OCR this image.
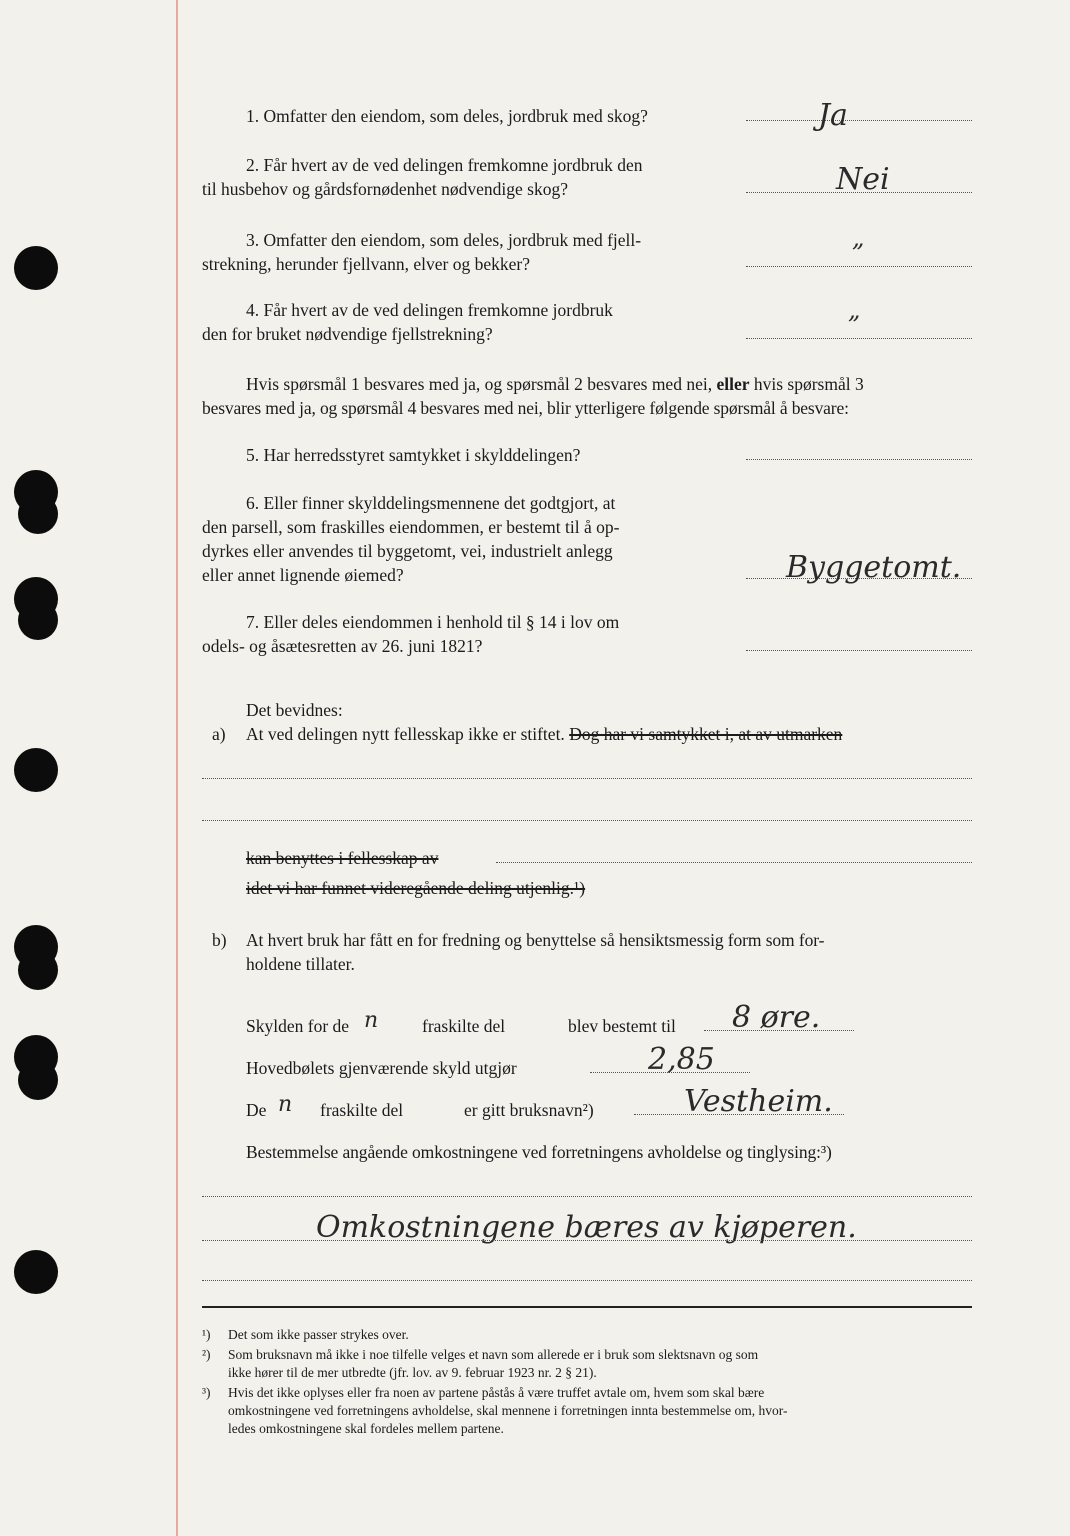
1. Omfatter den eiendom, som deles, jordbruk med skog?	Ja
2. Får hvert av de ved delingen fremkomne jordbruk den
til husbehov og gårdsfornødenhet nødvendige skog?	Nei
3. Omfatter den eiendom, som deles, jordbruk med fjell-
strekning, herunder fjellvann, elver og bekker?
„
4. Får hvert av de ved delingen fremkomne jordbruk
den for bruket nødvendige fjellstrekning?
„
Hvis spørsmål 1 besvares med ja, og spørsmål 2 besvares med nei, eller hvis spørsmål 3
besvares med ja, og spørsmål 4 besvares med nei, blir ytterligere følgende spørsmål å besvare:
5. Har herredsstyret samtykket i skylddelingen?
6. Eller finner skylddelingsmennene det godtgjort, at
den parsell, som fraskilles eiendommen, er bestemt til å op-
dyrkes eller anvendes til byggetomt, vei, industrielt anlegg
eller annet lignende øiemed?	Byggetomt.
7. Eller deles eiendommen i henhold til § 14 i lov om
odels- og åsætesretten av 26. juni 1821?
Det bevidnes:
a) At ved delingen nytt fellesskap ikke er stiftet. Dog har vi samtykket i, at av utmarken
kan benyttes i fellesskap av
idet vi har funnet videregående deling utjenlig.¹)
b) At hvert bruk har fått en for fredning og benyttelse så hensiktsmessig form som for-
holdene tillater.
Skylden for de n	fraskilte del	blev bestemt til 8 øre.
Hovedbølets gjenværende skyld utgjør	2,85
De n fraskilte del	er gitt bruksnavn²)	Vestheim.
Bestemmelse angående omkostningene ved forretningens avholdelse og tinglysing:³)
Omkostningene bæres av kjøperen.
¹) Det som ikke passer strykes over.
²) Som bruksnavn må ikke i noe tilfelle velges et navn som allerede er i bruk som slektsnavn og som
ikke hører til de mer utbredte (jfr. lov. av 9. februar 1923 nr. 2 § 21).
³) Hvis det ikke oplyses eller fra noen av partene påstås å være truffet avtale om, hvem som skal bære
omkostningene ved forretningens avholdelse, skal mennene i forretningen innta bestemmelse om, hvor-
ledes omkostningene skal fordeles mellem partene.
